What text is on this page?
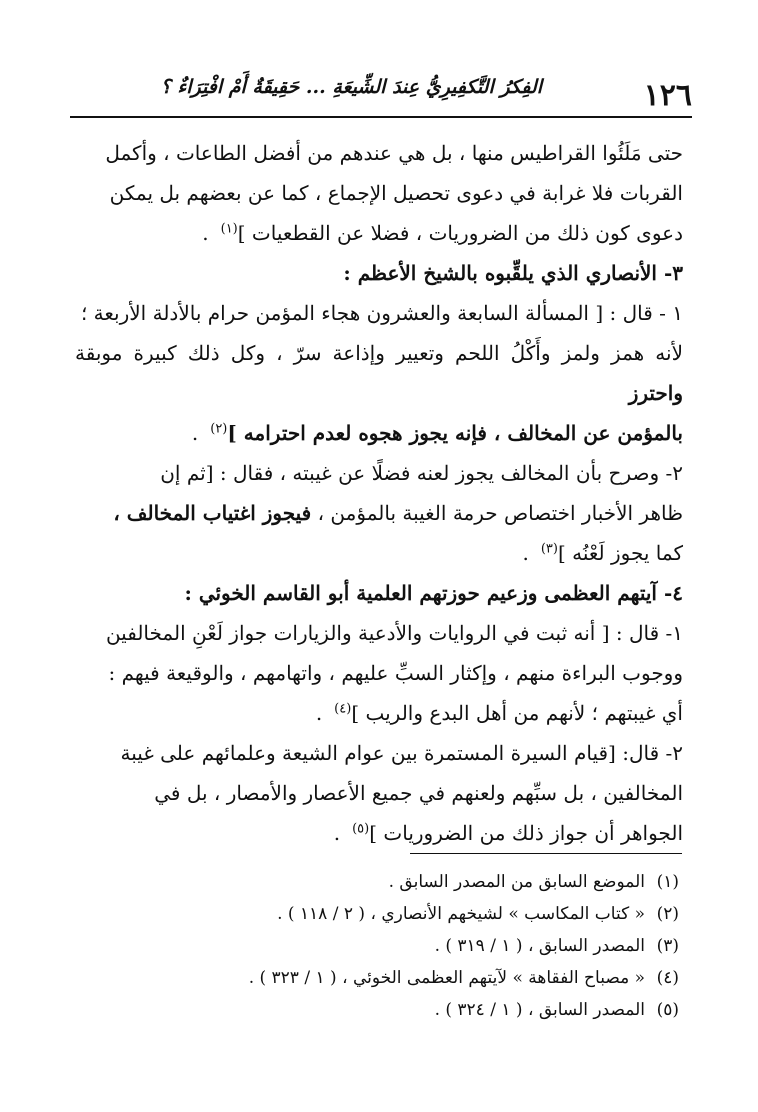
١٢٦
الفِكرُ التَّكفِيرِيُّ عِندَ الشِّيعَةِ ... حَقِيقَةٌ أَمْ افْتِرَاءٌ ؟
حتى مَلَئُوا القراطيس منها ، بل هي عندهم من أفضل الطاعات ، وأكمل
القربات فلا غرابة في دعوى تحصيل الإجماع ، كما عن بعضهم بل يمكن
دعوى كون ذلك من الضروريات ، فضلا عن القطعيات ]$^{(١)}$.
٣- الأنصاري الذي يلقِّبوه بالشيخ الأعظم :
١ - قال : [ المسألة السابعة والعشرون هجاء المؤمن حرام بالأدلة الأربعة ؛
لأنه همز ولمز وأَكْلُ اللحم وتعيير وإذاعة سرّ ، وكل ذلك كبيرة موبقة واحترز
بالمؤمن عن المخالف ، فإنه يجوز هجوه لعدم احترامه ]$^{(٢)}$.
٢- وصرح بأن المخالف يجوز لعنه فضلًا عن غيبته ، فقال : [ثم إن
ظاهر الأخبار اختصاص حرمة الغيبة بالمؤمن ، فيجوز اغتياب المخالف ،
كما يجوز لَعْنُه ]$^{(٣)}$.
٤- آيتهم العظمى وزعيم حوزتهم العلمية أبو القاسم الخوئي :
١- قال : [ أنه ثبت في الروايات والأدعية والزيارات جواز لَعْنِ المخالفين
ووجوب البراءة منهم ، وإكثار السبِّ عليهم ، واتهامهم ، والوقيعة فيهم :
أي غيبتهم ؛ لأنهم من أهل البدع والريب ]$^{(٤)}$.
٢- قال: [قيام السيرة المستمرة بين عوام الشيعة وعلمائهم على غيبة
المخالفين ، بل سبِّهم ولعنهم في جميع الأعصار والأمصار ، بل في
الجواهر أن جواز ذلك من الضروريات ]$^{(٥)}$.
(١)الموضع السابق من المصدر السابق .
(٢)« كتاب المكاسب » لشيخهم الأنصاري ، ( ٢ / ١١٨ ) .
(٣)المصدر السابق ، ( ١ / ٣١٩ ) .
(٤)« مصباح الفقاهة » لآيتهم العظمى الخوئي ، ( ١ / ٣٢٣ ) .
(٥)المصدر السابق ، ( ١ / ٣٢٤ ) .
